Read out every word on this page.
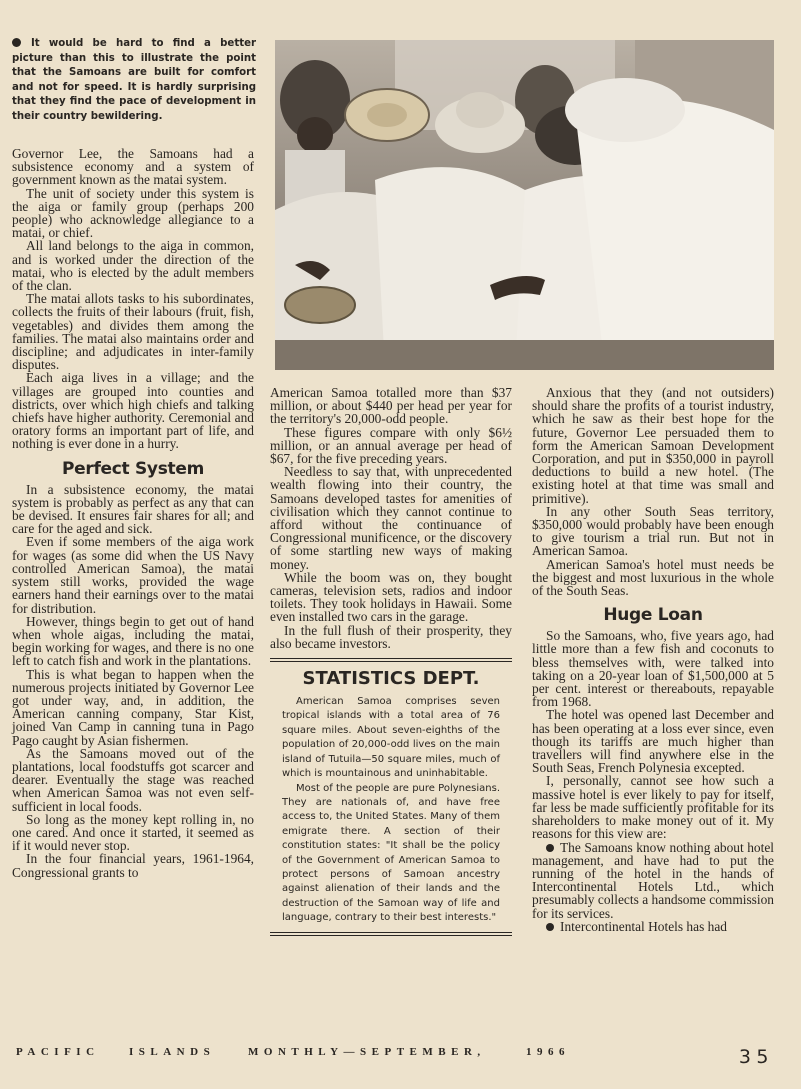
It would be hard to find a better picture than this to illustrate the point that the Samoans are built for comfort and not for speed. It is hardly surprising that they find the pace of development in their country bewildering.

Governor Lee, the Samoans had a subsistence economy and a system of government known as the matai system.

The unit of society under this system is the aiga or family group (perhaps 200 people) who acknowledge allegiance to a matai, or chief.

All land belongs to the aiga in common, and is worked under the direction of the matai, who is elected by the adult members of the clan.

The matai allots tasks to his subordinates, collects the fruits of their labours (fruit, fish, vegetables) and divides them among the families. The matai also maintains order and discipline; and adjudicates in inter-family disputes.

Each aiga lives in a village; and the villages are grouped into counties and districts, over which high chiefs and talking chiefs have higher authority. Ceremonial and oratory forms an important part of life, and nothing is ever done in a hurry.

Perfect System

In a subsistence economy, the matai system is probably as perfect as any that can be devised. It ensures fair shares for all; and care for the aged and sick.

Even if some members of the aiga work for wages (as some did when the US Navy controlled American Samoa), the matai system still works, provided the wage earners hand their earnings over to the matai for distribution.

However, things begin to get out of hand when whole aigas, including the matai, begin working for wages, and there is no one left to catch fish and work in the plantations.

This is what began to happen when the numerous projects initiated by Governor Lee got under way, and, in addition, the American canning company, Star Kist, joined Van Camp in canning tuna in Pago Pago caught by Asian fishermen.

As the Samoans moved out of the plantations, local foodstuffs got scarcer and dearer. Eventually the stage was reached when American Samoa was not even self-sufficient in local foods.

So long as the money kept rolling in, no one cared. And once it started, it seemed as if it would never stop.

In the four financial years, 1961-1964, Congressional grants to

American Samoa totalled more than $37 million, or about $440 per head per year for the territory's 20,000-odd people.

These figures compare with only $6½ million, or an annual average per head of $67, for the five preceding years.

Needless to say that, with unprecedented wealth flowing into their country, the Samoans developed tastes for amenities of civilisation which they cannot continue to afford without the continuance of Congressional munificence, or the discovery of some startling new ways of making money.

While the boom was on, they bought cameras, television sets, radios and indoor toilets. They took holidays in Hawaii. Some even installed two cars in the garage.

In the full flush of their prosperity, they also became investors.

STATISTICS DEPT.

American Samoa comprises seven tropical islands with a total area of 76 square miles. About seven-eighths of the population of 20,000-odd lives on the main island of Tutuila—50 square miles, much of which is mountainous and uninhabitable.

Most of the people are pure Polynesians. They are nationals of, and have free access to, the United States. Many of them emigrate there. A section of their constitution states: "It shall be the policy of the Government of American Samoa to protect persons of Samoan ancestry against alienation of their lands and the destruction of the Samoan way of life and language, contrary to their best interests."

Anxious that they (and not outsiders) should share the profits of a tourist industry, which he saw as their best hope for the future, Governor Lee persuaded them to form the American Samoan Development Corporation, and put in $350,000 in payroll deductions to build a new hotel. (The existing hotel at that time was small and primitive).

In any other South Seas territory, $350,000 would probably have been enough to give tourism a trial run. But not in American Samoa.

American Samoa's hotel must needs be the biggest and most luxurious in the whole of the South Seas.

Huge Loan

So the Samoans, who, five years ago, had little more than a few fish and coconuts to bless themselves with, were talked into taking on a 20-year loan of $1,500,000 at 5 per cent. interest or thereabouts, repayable from 1968.

The hotel was opened last December and has been operating at a loss ever since, even though its tariffs are much higher than travellers will find anywhere else in the South Seas, French Polynesia excepted.

I, personally, cannot see how such a massive hotel is ever likely to pay for itself, far less be made sufficiently profitable for its shareholders to make money out of it. My reasons for this view are:

The Samoans know nothing about hotel management, and have had to put the running of the hotel in the hands of Intercontinental Hotels Ltd., which presumably collects a handsome commission for its services.

Intercontinental Hotels has had

PACIFIC	ISLANDS	MONTHLY—SEPTEMBER,	1966	35
